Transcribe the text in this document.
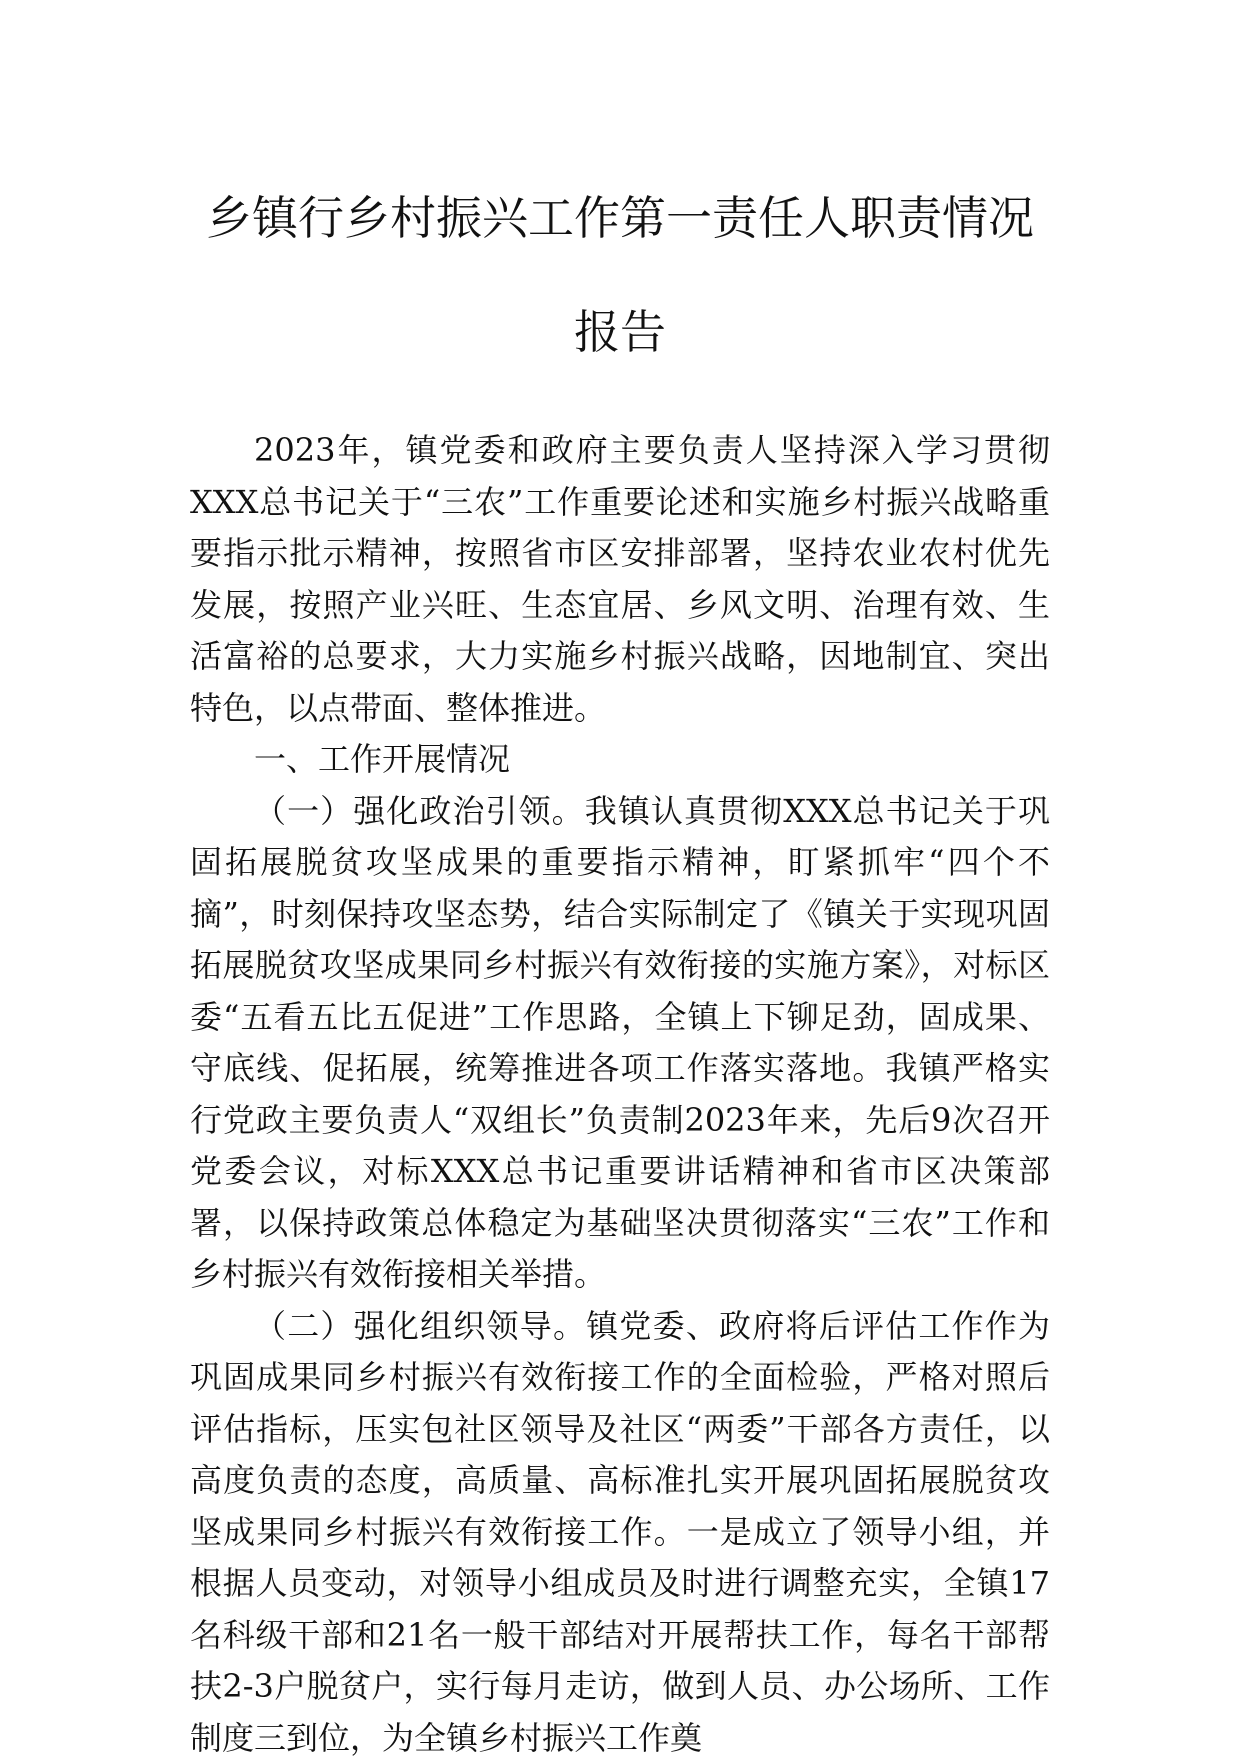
乡镇行乡村振兴工作第一责任人职责情况
报告

2023年，镇党委和政府主要负责人坚持深入学习贯彻XXX总书记关于“三农”工作重要论述和实施乡村振兴战略重要指示批示精神，按照省市区安排部署，坚持农业农村优先发展，按照产业兴旺、生态宜居、乡风文明、治理有效、生活富裕的总要求，大力实施乡村振兴战略，因地制宜、突出特色，以点带面、整体推进。

一、工作开展情况

（一）强化政治引领。我镇认真贯彻XXX总书记关于巩固拓展脱贫攻坚成果的重要指示精神，盯紧抓牢“四个不摘”，时刻保持攻坚态势，结合实际制定了《镇关于实现巩固拓展脱贫攻坚成果同乡村振兴有效衔接的实施方案》，对标区委“五看五比五促进”工作思路，全镇上下铆足劲，固成果、守底线、促拓展，统筹推进各项工作落实落地。我镇严格实行党政主要负责人“双组长”负责制2023年来，先后9次召开党委会议，对标XXX总书记重要讲话精神和省市区决策部署，以保持政策总体稳定为基础坚决贯彻落实“三农”工作和乡村振兴有效衔接相关举措。

（二）强化组织领导。镇党委、政府将后评估工作作为巩固成果同乡村振兴有效衔接工作的全面检验，严格对照后评估指标，压实包社区领导及社区“两委”干部各方责任，以高度负责的态度，高质量、高标准扎实开展巩固拓展脱贫攻坚成果同乡村振兴有效衔接工作。一是成立了领导小组，并根据人员变动，对领导小组成员及时进行调整充实，全镇17名科级干部和21名一般干部结对开展帮扶工作，每名干部帮扶2-3户脱贫户，实行每月走访，做到人员、办公场所、工作制度三到位，为全镇乡村振兴工作奠
